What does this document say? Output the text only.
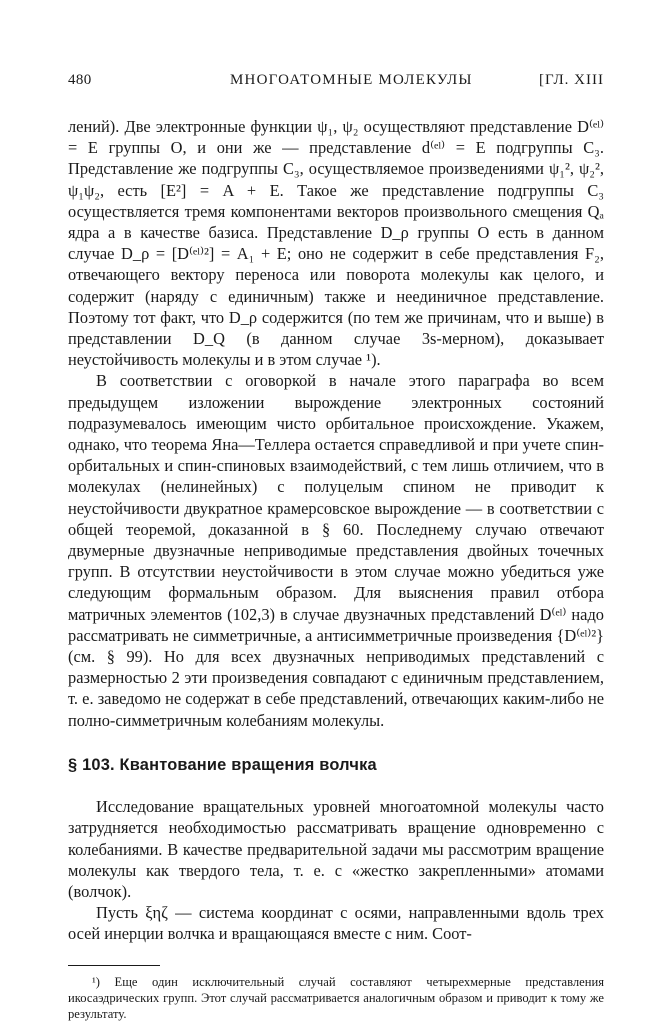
480	МНОГОАТОМНЫЕ МОЛЕКУЛЫ	[ГЛ. XIII

лений). Две электронные функции ψ₁, ψ₂ осуществляют представление D⁽ᵉˡ⁾ = E группы O, и они же — представление d⁽ᵉˡ⁾ = E подгруппы C₃. Представление же подгруппы C₃, осуществляемое произведениями ψ₁², ψ₂², ψ₁ψ₂, есть [E²] = A + E. Такое же представление подгруппы C₃ осуществляется тремя компонентами векторов произвольного смещения Qₐ ядра a в качестве базиса. Представление D_ρ группы O есть в данном случае D_ρ = [D⁽ᵉˡ⁾²] = A₁ + E; оно не содержит в себе представления F₂, отвечающего вектору переноса или поворота молекулы как целого, и содержит (наряду с единичным) также и неединичное представление. Поэтому тот факт, что D_ρ содержится (по тем же причинам, что и выше) в представлении D_Q (в данном случае 3s-мерном), доказывает неустойчивость молекулы и в этом случае ¹).

В соответствии с оговоркой в начале этого параграфа во всем предыдущем изложении вырождение электронных состояний подразумевалось имеющим чисто орбитальное происхождение. Укажем, однако, что теорема Яна—Теллера остается справедливой и при учете спин-орбитальных и спин-спиновых взаимодействий, с тем лишь отличием, что в молекулах (нелинейных) с полуцелым спином не приводит к неустойчивости двукратное крамерсовское вырождение — в соответствии с общей теоремой, доказанной в § 60. Последнему случаю отвечают двумерные двузначные неприводимые представления двойных точечных групп. В отсутствии неустойчивости в этом случае можно убедиться уже следующим формальным образом. Для выяснения правил отбора матричных элементов (102,3) в случае двузначных представлений D⁽ᵉˡ⁾ надо рассматривать не симметричные, а антисимметричные произведения {D⁽ᵉˡ⁾²} (см. § 99). Но для всех двузначных неприводимых представлений с размерностью 2 эти произведения совпадают с единичным представлением, т. е. заведомо не содержат в себе представлений, отвечающих каким-либо не полно-симметричным колебаниям молекулы.

§ 103. Квантование вращения волчка

Исследование вращательных уровней многоатомной молекулы часто затрудняется необходимостью рассматривать вращение одновременно с колебаниями. В качестве предварительной задачи мы рассмотрим вращение молекулы как твердого тела, т. е. с «жестко закрепленными» атомами (волчок).

Пусть ξηζ — система координат с осями, направленными вдоль трех осей инерции волчка и вращающаяся вместе с ним. Соот-

¹) Еще один исключительный случай составляют четырехмерные представления икосаэдрических групп. Этот случай рассматривается аналогичным образом и приводит к тому же результату.
